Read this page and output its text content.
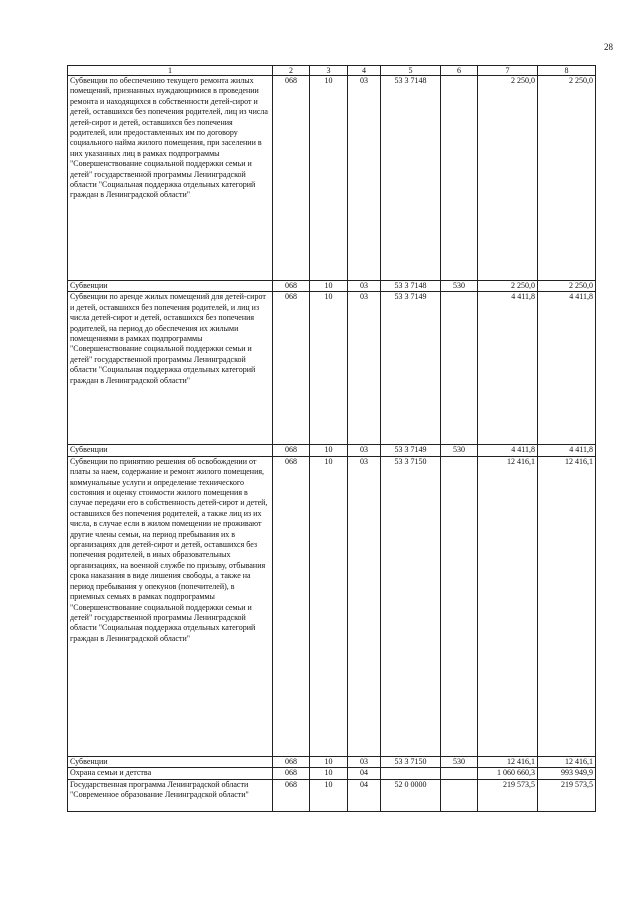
28
1	2	3	4	5	6	7	8
Субвенции по обеспечению текущего ремонта жилых помещений, признанных нуждающимися в проведении ремонта и находящихся в собственности детей-сирот и детей, оставшихся без попечения родителей, лиц из числа детей-сирот и детей, оставшихся без попечения родителей, или предоставленных им по договору социального найма жилого помещения, при заселении в них указанных лиц в рамках подпрограммы "Совершенствование социальной поддержки семьи и детей" государственной программы Ленинградской области "Социальная поддержка отдельных категорий граждан в Ленинградской области"	068	10	03	53 3 7148		2 250,0	2 250,0
Субвенции	068	10	03	53 3 7148	530	2 250,0	2 250,0
Субвенции по аренде жилых помещений для детей-сирот и детей, оставшихся без попечения родителей, и лиц из числа детей-сирот и детей, оставшихся без попечения родителей, на период до обеспечения их жилыми помещениями в рамках подпрограммы "Совершенствование социальной поддержки семьи и детей" государственной программы Ленинградской области "Социальная поддержка отдельных категорий граждан в Ленинградской области"	068	10	03	53 3 7149		4 411,8	4 411,8
Субвенции	068	10	03	53 3 7149	530	4 411,8	4 411,8
Субвенции по принятию решения об освобождении от платы за наем, содержание и ремонт жилого помещения, коммунальные услуги и определение технического состояния и оценку стоимости жилого помещения в случае передачи его в собственность детей-сирот и детей, оставшихся без попечения родителей, а также лиц из их числа, в случае если в жилом помещении не проживают другие члены семьи, на период пребывания их в организациях для детей-сирот и детей, оставшихся без попечения родителей, в иных образовательных организациях, на военной службе по призыву, отбывания срока наказания в виде лишения свободы, а также на период пребывания у опекунов (попечителей), в приемных семьях в рамках подпрограммы "Совершенствование социальной поддержки семьи и детей" государственной программы Ленинградской области "Социальная поддержка отдельных категорий граждан в Ленинградской области"	068	10	03	53 3 7150		12 416,1	12 416,1
Субвенции	068	10	03	53 3 7150	530	12 416,1	12 416,1
Охрана семьи и детства	068	10	04			1 060 660,3	993 949,9
Государственная программа Ленинградской области "Современное образование Ленинградской области"	068	10	04	52 0 0000		219 573,5	219 573,5
